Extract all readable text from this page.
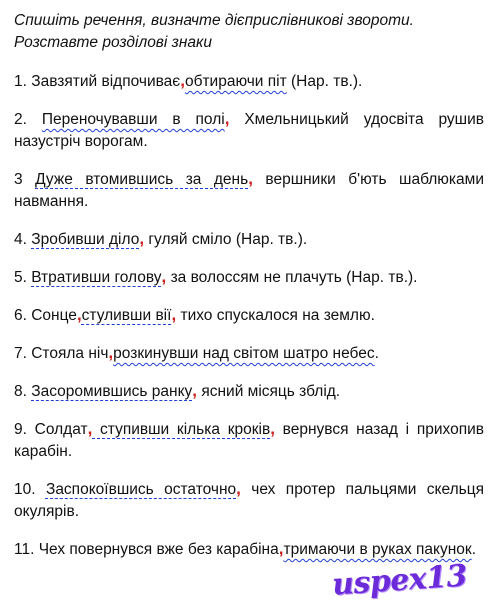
Спишіть речення, визначте дієприслівникові звороти.
Розставте розділові знаки
1. Завзятий відпочиває,обтираючи піт (Нар. тв.).
2. Переночувавши в полі, Хмельницький удосвіта рушив назустріч ворогам.
3 Дуже втомившись за день, вершники б'ють шаблюками навмання.
4. Зробивши діло, гуляй сміло (Нар. тв.).
5. Втративши голову, за волоссям не плачуть (Нар. тв.).
6. Сонце,стуливши вії, тихо спускалося на землю.
7. Стояла ніч,розкинувши над світом шатро небес.
8. Засоромившись ранку, ясний місяць зблід.
9. Солдат, ступивши кілька кроків, вернувся назад і прихопив карабін.
10. Заспокоївшись остаточно, чех протер пальцями скельця окулярів.
11. Чех повернувся вже без карабіна,тримаючи в руках пакунок.
uspex13
